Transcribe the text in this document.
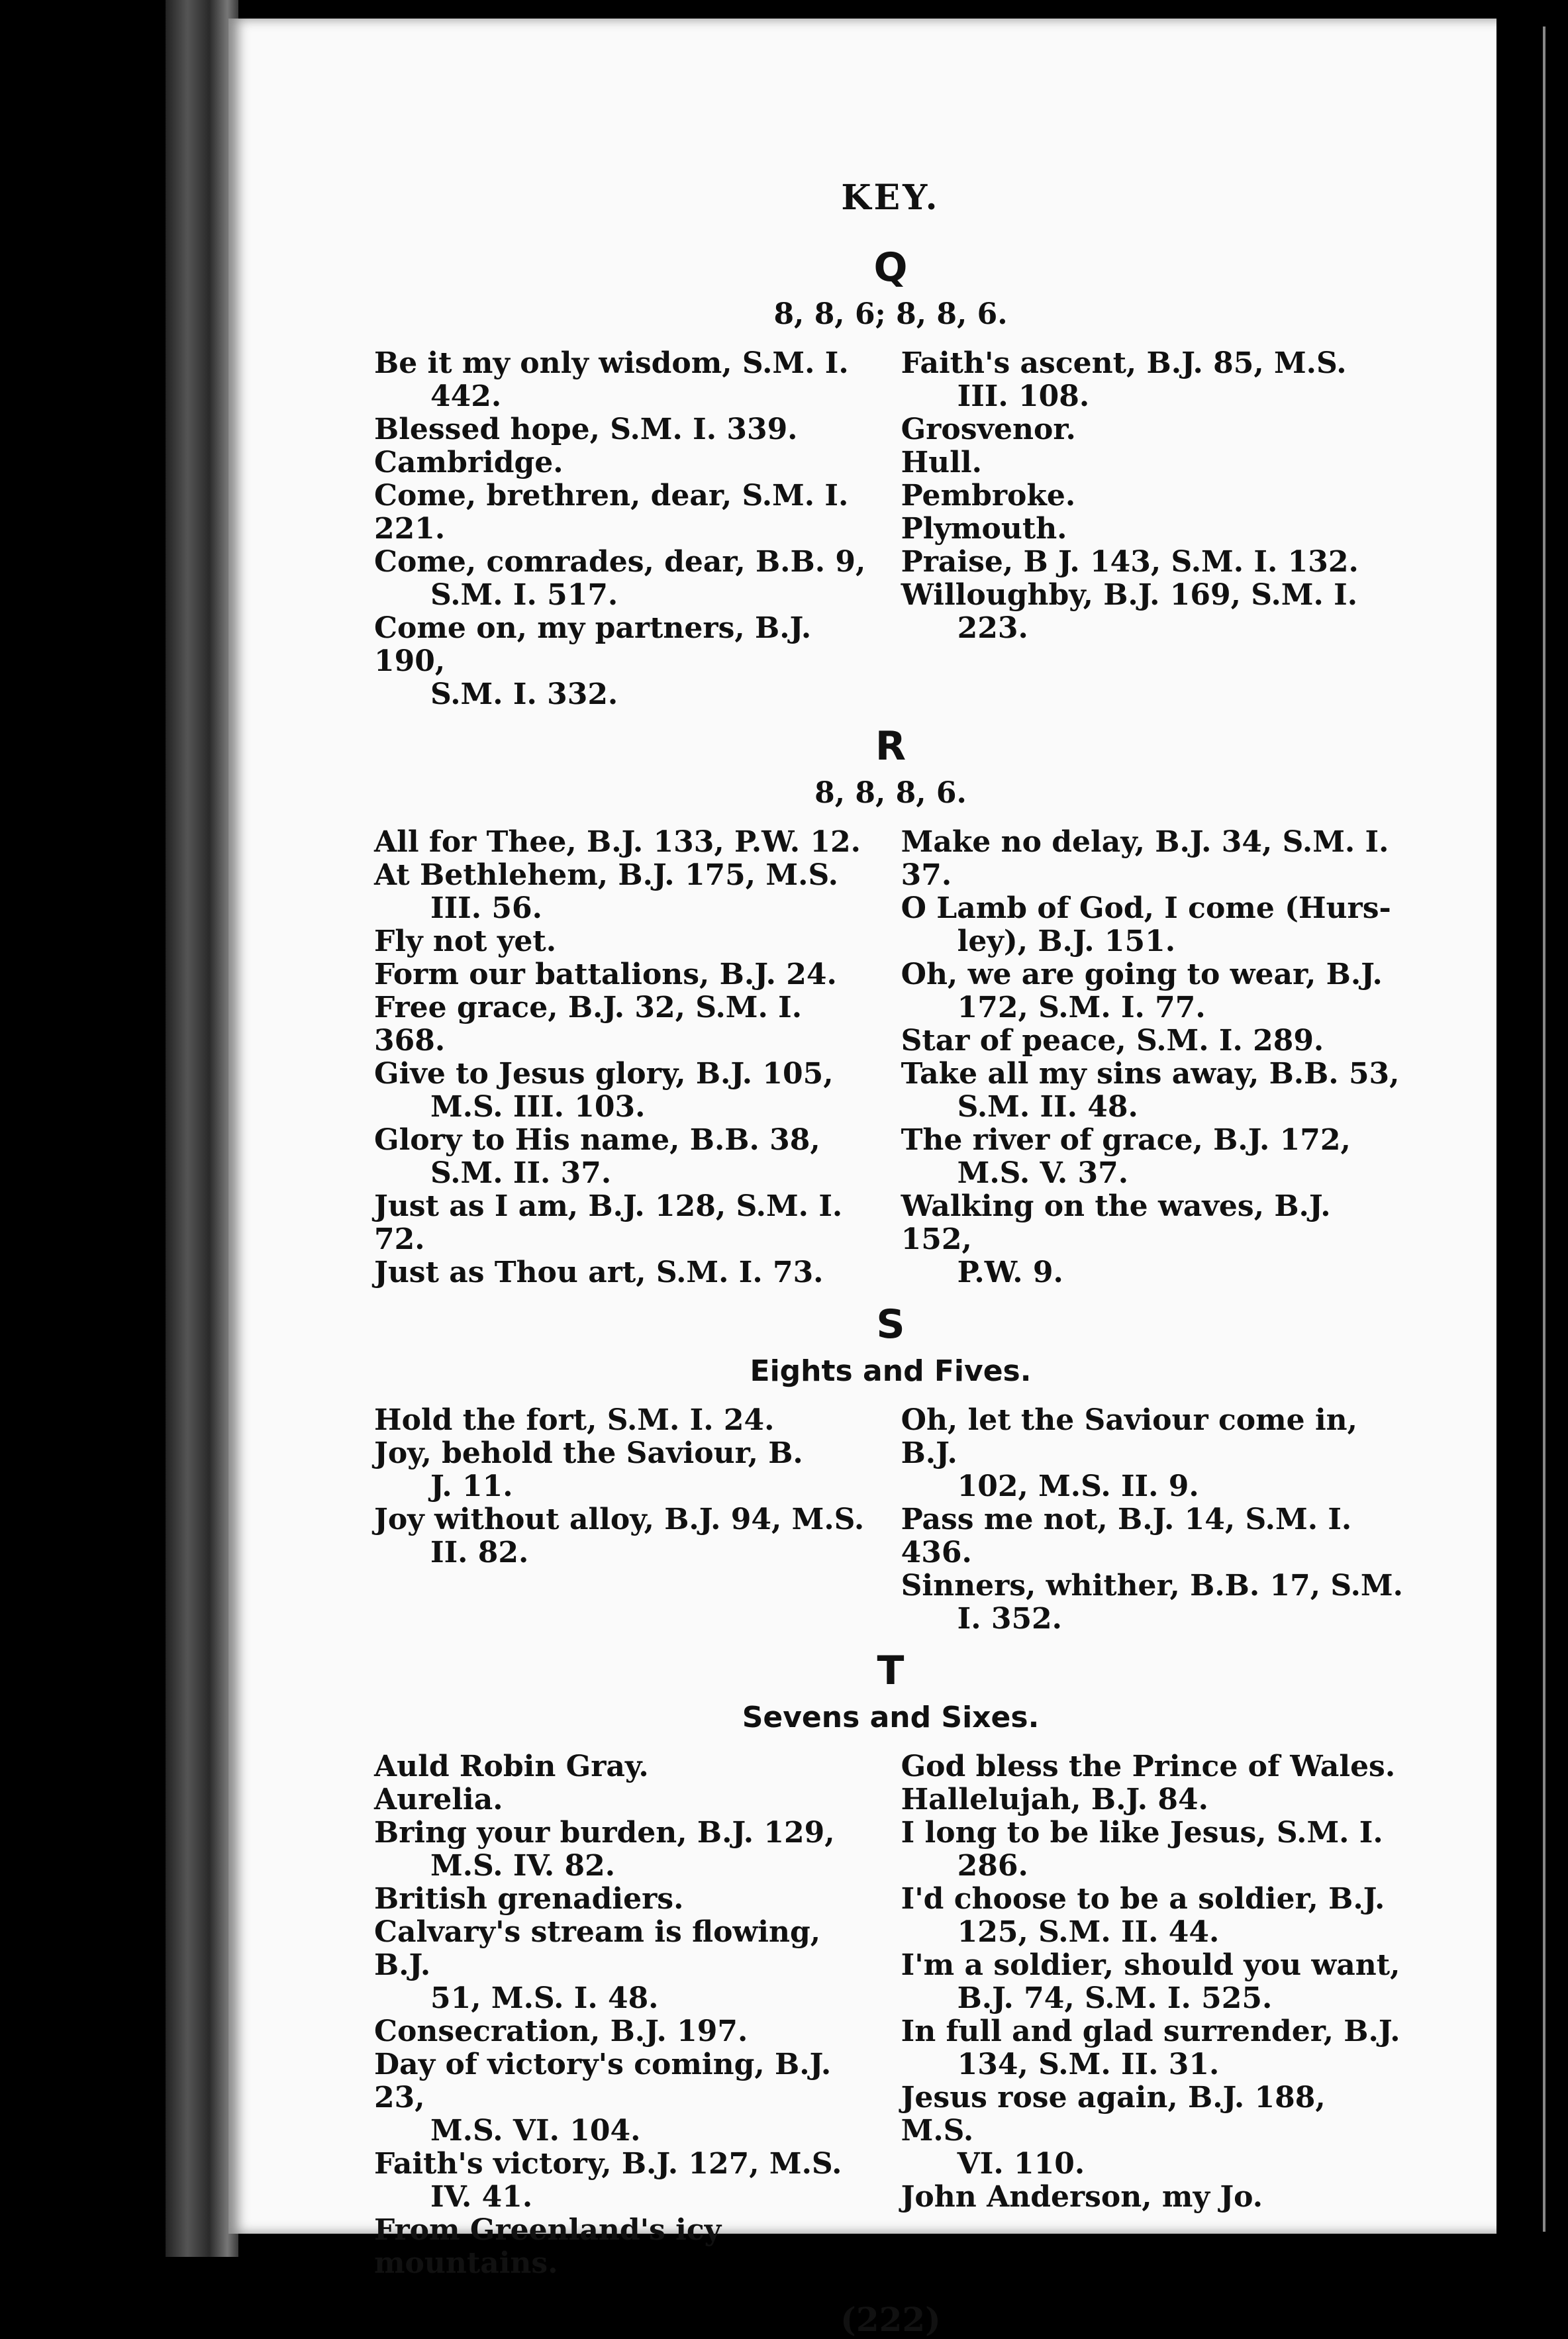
KEY.
Q
8, 8, 6; 8, 8, 6.

Be it my only wisdom, S.M. I.
442.

Blessed hope, S.M. I. 339.

Cambridge.

Come, brethren, dear, S.M. I. 221.

Come, comrades, dear, B.B. 9,
S.M. I. 517.

Come on, my partners, B.J. 190,
S.M. I. 332.

Faith's ascent, B.J. 85, M.S.
III. 108.

Grosvenor.

Hull.

Pembroke.

Plymouth.

Praise, B J. 143, S.M. I. 132.

Willoughby, B.J. 169, S.M. I.
223.

R
8, 8, 8, 6.

All for Thee, B.J. 133, P.W. 12.

At Bethlehem, B.J. 175, M.S.
III. 56.

Fly not yet.

Form our battalions, B.J. 24.

Free grace, B.J. 32, S.M. I. 368.

Give to Jesus glory, B.J. 105,
M.S. III. 103.

Glory to His name, B.B. 38,
S.M. II. 37.

Just as I am, B.J. 128, S.M. I. 72.

Just as Thou art, S.M. I. 73.

Make no delay, B.J. 34, S.M. I. 37.

O Lamb of God, I come (Hurs-
ley), B.J. 151.

Oh, we are going to wear, B.J.
172, S.M. I. 77.

Star of peace, S.M. I. 289.

Take all my sins away, B.B. 53,
S.M. II. 48.

The river of grace, B.J. 172,
M.S. V. 37.

Walking on the waves, B.J. 152,
P.W. 9.

S
Eights and Fives.

Hold the fort, S.M. I. 24.

Joy, behold the Saviour, B.
J. 11.

Joy without alloy, B.J. 94, M.S.
II. 82.

Oh, let the Saviour come in, B.J.
102, M.S. II. 9.

Pass me not, B.J. 14, S.M. I. 436.

Sinners, whither, B.B. 17, S.M.
I. 352.

T
Sevens and Sixes.

Auld Robin Gray.

Aurelia.

Bring your burden, B.J. 129,
M.S. IV. 82.

British grenadiers.

Calvary's stream is flowing, B.J.
51, M.S. I. 48.

Consecration, B.J. 197.

Day of victory's coming, B.J. 23,
M.S. VI. 104.

Faith's victory, B.J. 127, M.S.
IV. 41.

From Greenland's icy mountains.

God bless the Prince of Wales.

Hallelujah, B.J. 84.

I long to be like Jesus, S.M. I.
286.

I'd choose to be a soldier, B.J.
125, S.M. II. 44.

I'm a soldier, should you want,
B.J. 74, S.M. I. 525.

In full and glad surrender, B.J.
134, S.M. II. 31.

Jesus rose again, B.J. 188, M.S.
VI. 110.

John Anderson, my Jo.

(222)
